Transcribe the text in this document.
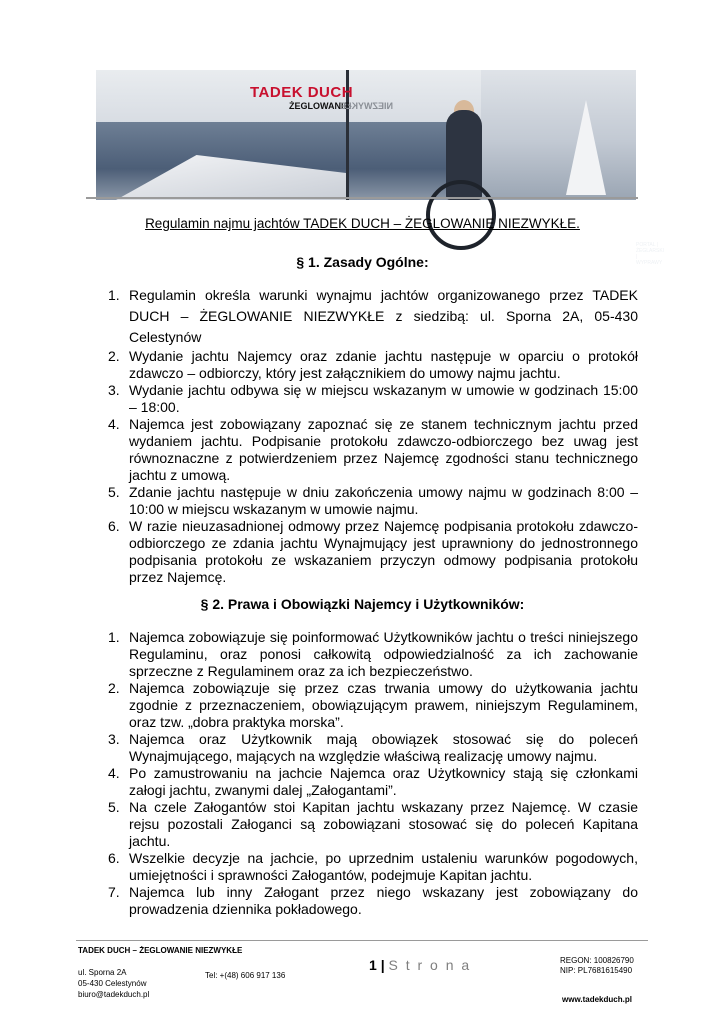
PORTAL | ŻEGLARSKI | WYPRAWY
TADEK DUCH
ŻEGLOWANIE
NIEZWYKŁE
Regulamin najmu jachtów TADEK DUCH – ŻEGLOWANIE NIEZWYKŁE.
§ 1. Zasady Ogólne:
1. Regulamin określa warunki wynajmu jachtów organizowanego przez TADEK DUCH – ŻEGLOWANIE NIEZWYKŁE z siedzibą: ul. Sporna 2A, 05-430 Celestynów
2. Wydanie jachtu Najemcy oraz zdanie jachtu następuje w oparciu o protokół zdawczo – odbiorczy, który jest załącznikiem do umowy najmu jachtu.
3. Wydanie jachtu odbywa się w miejscu wskazanym w umowie w godzinach 15:00 – 18:00.
4. Najemca jest zobowiązany zapoznać się ze stanem technicznym jachtu przed wydaniem jachtu. Podpisanie protokołu zdawczo-odbiorczego bez uwag jest równoznaczne z potwierdzeniem przez Najemcę zgodności stanu technicznego jachtu z umową.
5. Zdanie jachtu następuje w dniu zakończenia umowy najmu w godzinach 8:00 – 10:00 w miejscu wskazanym w umowie najmu.
6. W razie nieuzasadnionej odmowy przez Najemcę podpisania protokołu zdawczo-odbiorczego ze zdania jachtu Wynajmujący jest uprawniony do jednostronnego podpisania protokołu ze wskazaniem przyczyn odmowy podpisania protokołu przez Najemcę.
§ 2. Prawa i Obowiązki Najemcy i Użytkowników:
1. Najemca zobowiązuje się poinformować Użytkowników jachtu o treści niniejszego Regulaminu, oraz ponosi całkowitą odpowiedzialność za ich zachowanie sprzeczne z Regulaminem oraz za ich bezpieczeństwo.
2. Najemca zobowiązuje się przez czas trwania umowy do użytkowania jachtu zgodnie z przeznaczeniem, obowiązującym prawem, niniejszym Regulaminem, oraz tzw. „dobra praktyka morska”.
3. Najemca oraz Użytkownik mają obowiązek stosować się do poleceń Wynajmującego, mających na względzie właściwą realizację umowy najmu.
4. Po zamustrowaniu na jachcie Najemca oraz Użytkownicy stają się członkami załogi jachtu, zwanymi dalej „Załogantami”.
5. Na czele Załogantów stoi Kapitan jachtu wskazany przez Najemcę. W czasie rejsu pozostali Załoganci są zobowiązani stosować się do poleceń Kapitana jachtu.
6. Wszelkie decyzje na jachcie, po uprzednim ustaleniu warunków pogodowych, umiejętności i sprawności Załogantów, podejmuje Kapitan jachtu.
7. Najemca lub inny Załogant przez niego wskazany jest zobowiązany do prowadzenia dziennika pokładowego.
TADEK DUCH – ŻEGLOWANIE NIEZWYKŁE
ul. Sporna 2A
05-430 Celestynów
biuro@tadekduch.pl
Tel: +(48) 606 917 136
1 | S t r o n a	REGON: 100826790
NIP: PL7681615490
www.tadekduch.pl
